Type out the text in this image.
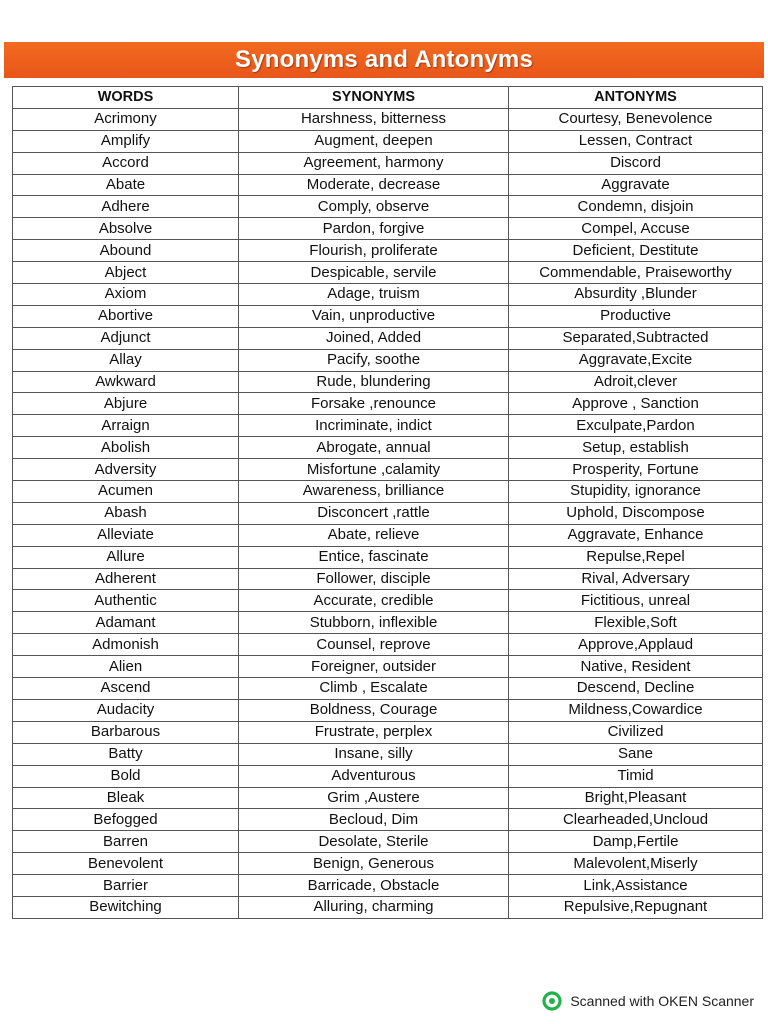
Synonyms and Antonyms
WORDS	SYNONYMS	ANTONYMS
Acrimony	Harshness, bitterness	Courtesy, Benevolence
Amplify	Augment, deepen	Lessen, Contract
Accord	Agreement, harmony	Discord
Abate	Moderate, decrease	Aggravate
Adhere	Comply, observe	Condemn, disjoin
Absolve	Pardon, forgive	Compel, Accuse
Abound	Flourish, proliferate	Deficient, Destitute
Abject	Despicable, servile	Commendable, Praiseworthy
Axiom	Adage, truism	Absurdity ,Blunder
Abortive	Vain, unproductive	Productive
Adjunct	Joined, Added	Separated,Subtracted
Allay	Pacify, soothe	Aggravate,Excite
Awkward	Rude, blundering	Adroit,clever
Abjure	Forsake ,renounce	Approve , Sanction
Arraign	Incriminate, indict	Exculpate,Pardon
Abolish	Abrogate, annual	Setup, establish
Adversity	Misfortune ,calamity	Prosperity, Fortune
Acumen	Awareness, brilliance	Stupidity, ignorance
Abash	Disconcert ,rattle	Uphold, Discompose
Alleviate	Abate, relieve	Aggravate, Enhance
Allure	Entice, fascinate	Repulse,Repel
Adherent	Follower, disciple	Rival, Adversary
Authentic	Accurate, credible	Fictitious, unreal
Adamant	Stubborn, inflexible	Flexible,Soft
Admonish	Counsel, reprove	Approve,Applaud
Alien	Foreigner, outsider	Native, Resident
Ascend	Climb , Escalate	Descend, Decline
Audacity	Boldness, Courage	Mildness,Cowardice
Barbarous	Frustrate, perplex	Civilized
Batty	Insane, silly	Sane
Bold	Adventurous	Timid
Bleak	Grim ,Austere	Bright,Pleasant
Befogged	Becloud, Dim	Clearheaded,Uncloud
Barren	Desolate, Sterile	Damp,Fertile
Benevolent	Benign, Generous	Malevolent,Miserly
Barrier	Barricade, Obstacle	Link,Assistance
Bewitching	Alluring, charming	Repulsive,Repugnant
Scanned with OKEN Scanner
